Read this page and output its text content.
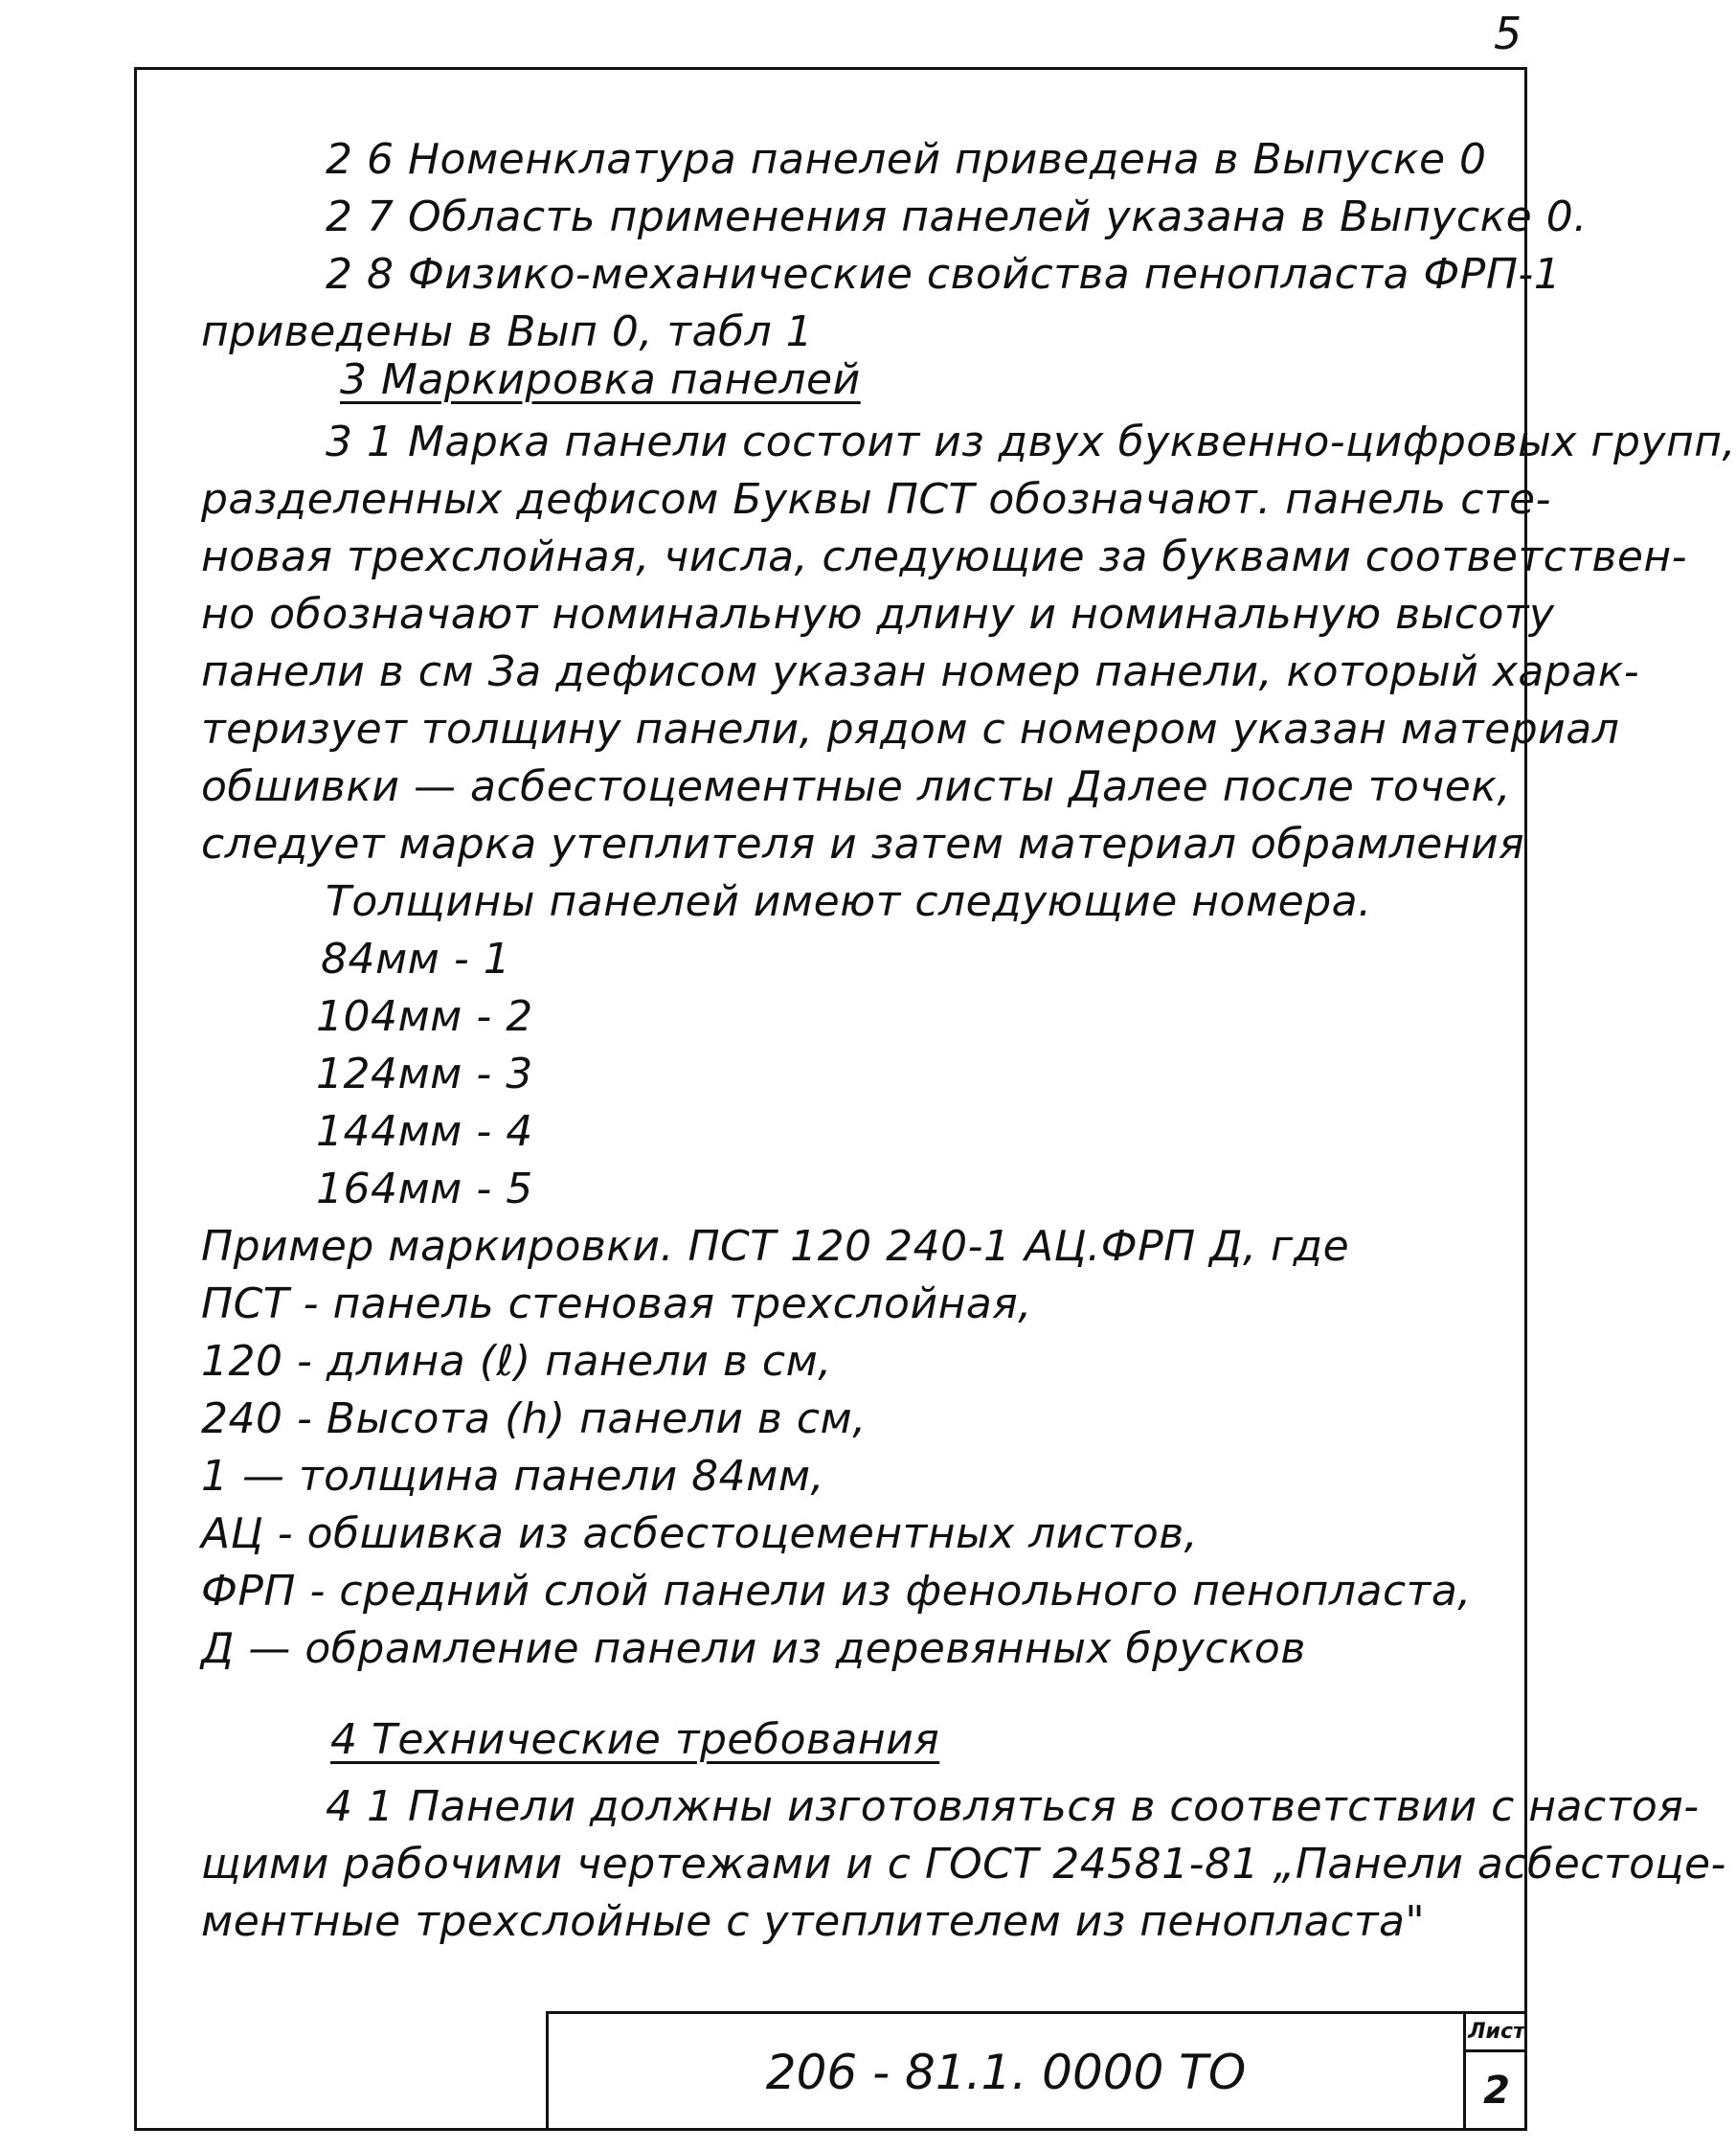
5
2 6 Номенклатура панелей приведена в Выпуске 0
2 7 Область применения панелей указана в Выпуске 0.
2 8 Физико-механические свойства пенопласта ФРП-1
приведены в Вып 0, табл 1
3 Маркировка панелей
3 1 Марка панели состоит из двух буквенно-цифровых групп,
разделенных дефисом Буквы ПСТ обозначают. панель сте-
новая трехслойная, числа, следующие за буквами соответствен-
но обозначают номинальную длину и номинальную высоту
панели в см За дефисом указан номер панели, который харак-
теризует толщину панели, рядом с номером указан материал
обшивки — асбестоцементные листы Далее после точек,
следует марка утеплителя и затем материал обрамления
Толщины панелей имеют следующие номера.
84мм - 1
104мм - 2
124мм - 3
144мм - 4
164мм - 5
Пример маркировки. ПСТ 120 240-1 АЦ.ФРП Д, где
ПСТ - панель стеновая трехслойная,
120 - длина (ℓ) панели в см,
240 - Высота (h) панели в см,
1 — толщина панели 84мм,
АЦ - обшивка из асбестоцементных листов,
ФРП - средний слой панели из фенольного пенопласта,
Д — обрамление панели из деревянных брусков
4 Технические требования
4 1 Панели должны изготовляться в соответствии с настоя-
щими рабочими чертежами и с ГОСТ 24581-81 „Панели асбестоце-
ментные трехслойные с утеплителем из пенопласта"
206 - 81.1. 0000 ТО
Лист
2
